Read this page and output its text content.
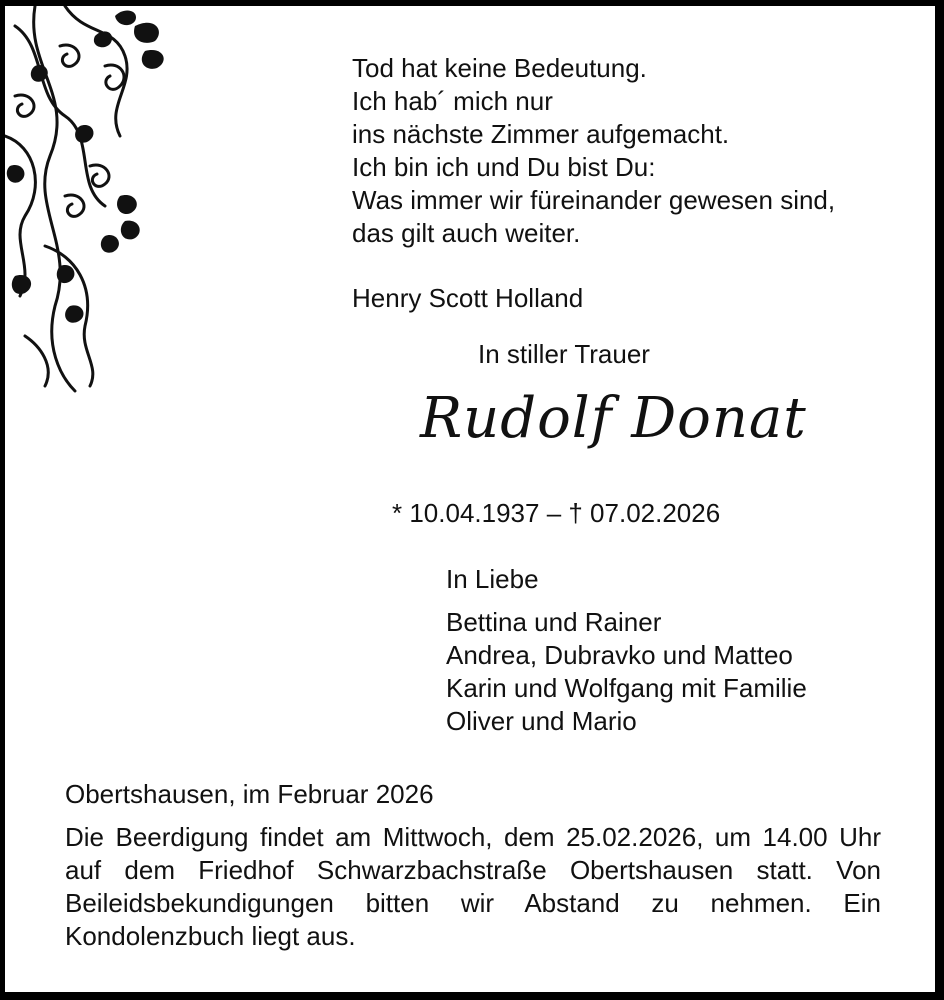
Tod hat keine Bedeutung.
Ich hab´ mich nur
ins nächste Zimmer aufgemacht.
Ich bin ich und Du bist Du:
Was immer wir füreinander gewesen sind,
das gilt auch weiter.
Henry Scott Holland
In stiller Trauer
Rudolf Donat
* 10.04.1937 – † 07.02.2026
In Liebe
Bettina und Rainer
Andrea, Dubravko und Matteo
Karin und Wolfgang mit Familie
Oliver und Mario
Obertshausen, im Februar 2026
Die Beerdigung findet am Mittwoch, dem 25.02.2026, um 14.00 Uhr auf dem Friedhof Schwarzbachstraße Obertshausen statt. Von Beileidsbekundigungen bitten wir Abstand zu nehmen. Ein Kondolenzbuch liegt aus.
